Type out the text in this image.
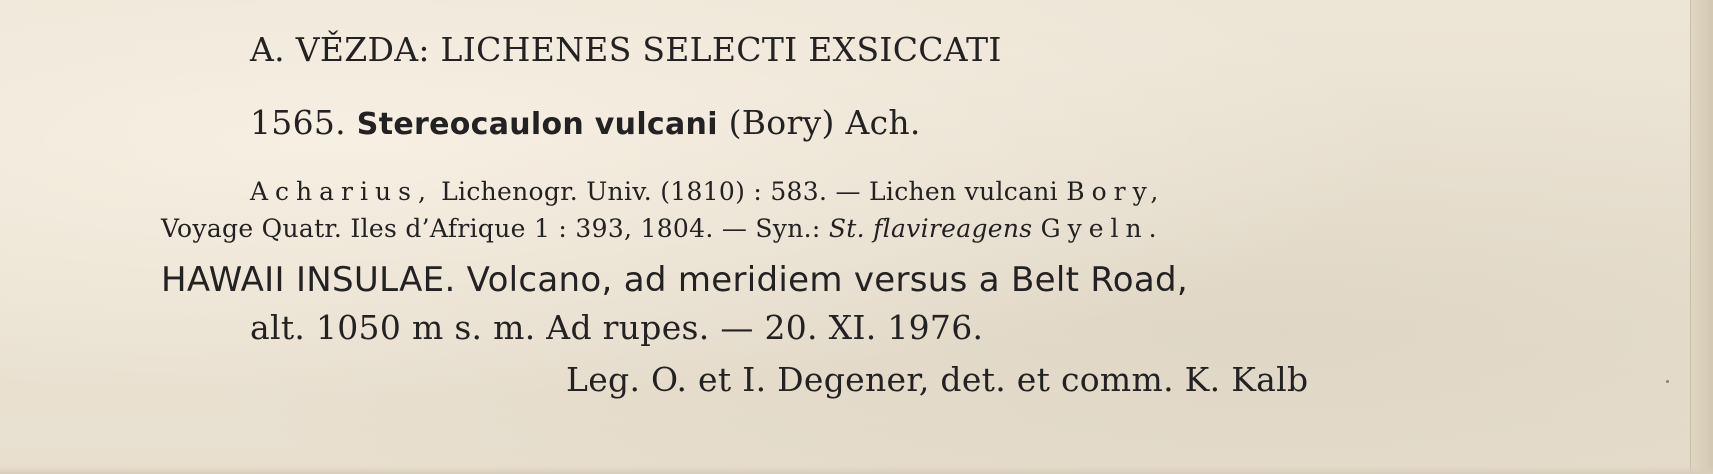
A. VĚZDA: LICHENES SELECTI EXSICCATI
1565. Stereocaulon vulcani (Bory) Ach.
Acharius, Lichenogr. Univ. (1810) : 583. — Lichen vulcani Bory,
Voyage Quatr. Iles d’Afrique 1 : 393, 1804. — Syn.: St. flavireagens Gyeln.
HAWAII INSULAE. Volcano, ad meridiem versus a Belt Road,
alt. 1050 m s. m. Ad rupes. — 20. XI. 1976.
Leg. O. et I. Degener, det. et comm. K. Kalb
